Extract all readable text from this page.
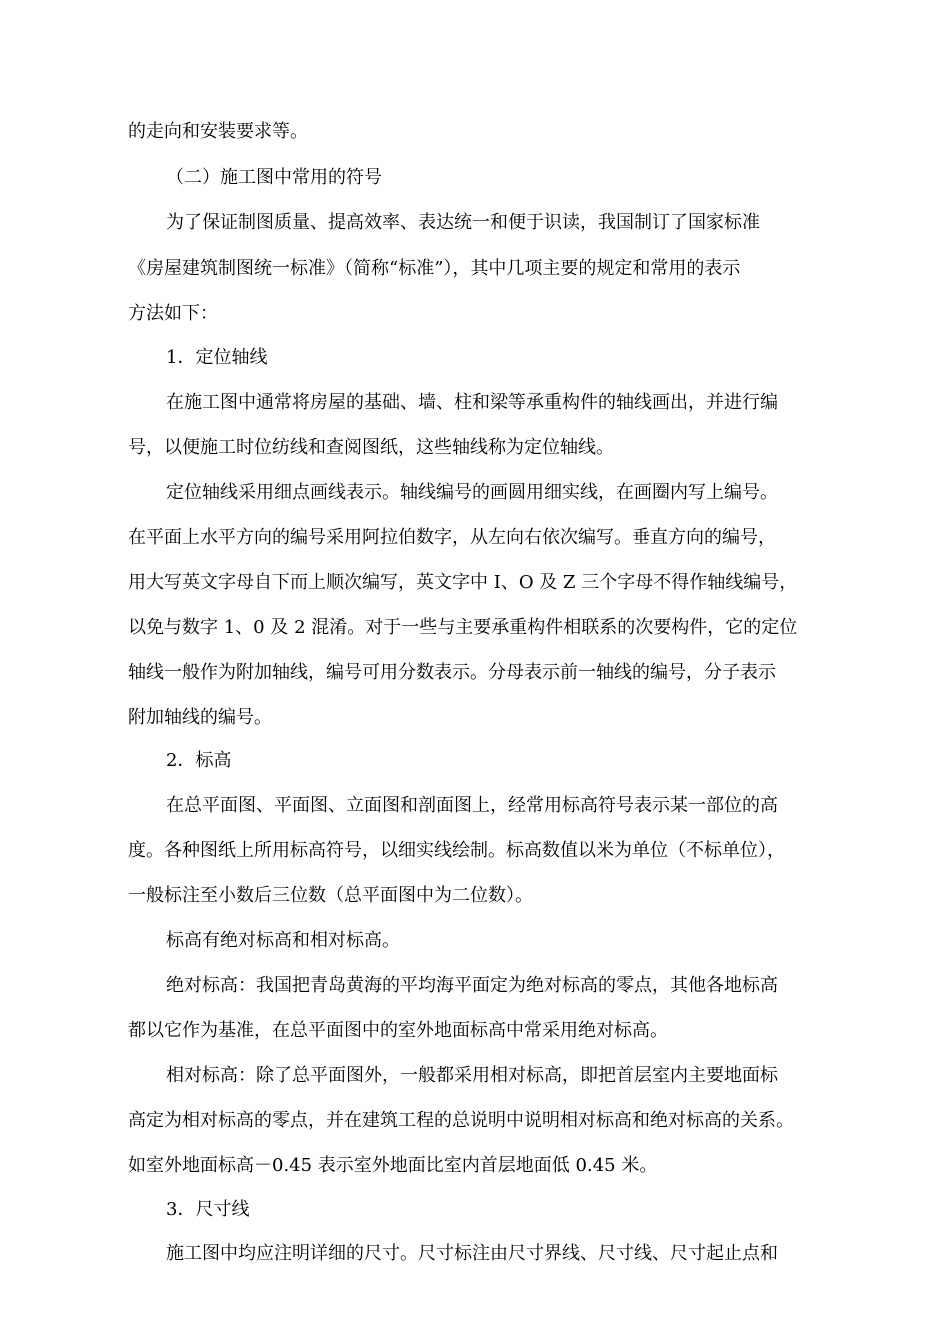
的走向和安装要求等。
（二）施工图中常用的符号
为了保证制图质量、提高效率、表达统一和便于识读，我国制订了国家标准
《房屋建筑制图统一标准》（简称“标准”），其中几项主要的规定和常用的表示
方法如下：
1．定位轴线
在施工图中通常将房屋的基础、墙、柱和梁等承重构件的轴线画出，并进行编
号，以便施工时位纺线和查阅图纸，这些轴线称为定位轴线。
定位轴线采用细点画线表示。轴线编号的画圆用细实线，在画圈内写上编号。
在平面上水平方向的编号采用阿拉伯数字，从左向右依次编写。垂直方向的编号，
用大写英文字母自下而上顺次编写，英文字中 I、O 及 Z 三个字母不得作轴线编号，
以免与数字 1、0 及 2 混淆。对于一些与主要承重构件相联系的次要构件，它的定位
轴线一般作为附加轴线，编号可用分数表示。分母表示前一轴线的编号，分子表示
附加轴线的编号。
2．标高
在总平面图、平面图、立面图和剖面图上，经常用标高符号表示某一部位的高
度。各种图纸上所用标高符号，以细实线绘制。标高数值以米为单位（不标单位），
一般标注至小数后三位数（总平面图中为二位数）。
标高有绝对标高和相对标高。
绝对标高：我国把青岛黄海的平均海平面定为绝对标高的零点，其他各地标高
都以它作为基准，在总平面图中的室外地面标高中常采用绝对标高。
相对标高：除了总平面图外，一般都采用相对标高，即把首层室内主要地面标
高定为相对标高的零点，并在建筑工程的总说明中说明相对标高和绝对标高的关系。
如室外地面标高－0.45 表示室外地面比室内首层地面低 0.45 米。
3．尺寸线
施工图中均应注明详细的尺寸。尺寸标注由尺寸界线、尺寸线、尺寸起止点和
